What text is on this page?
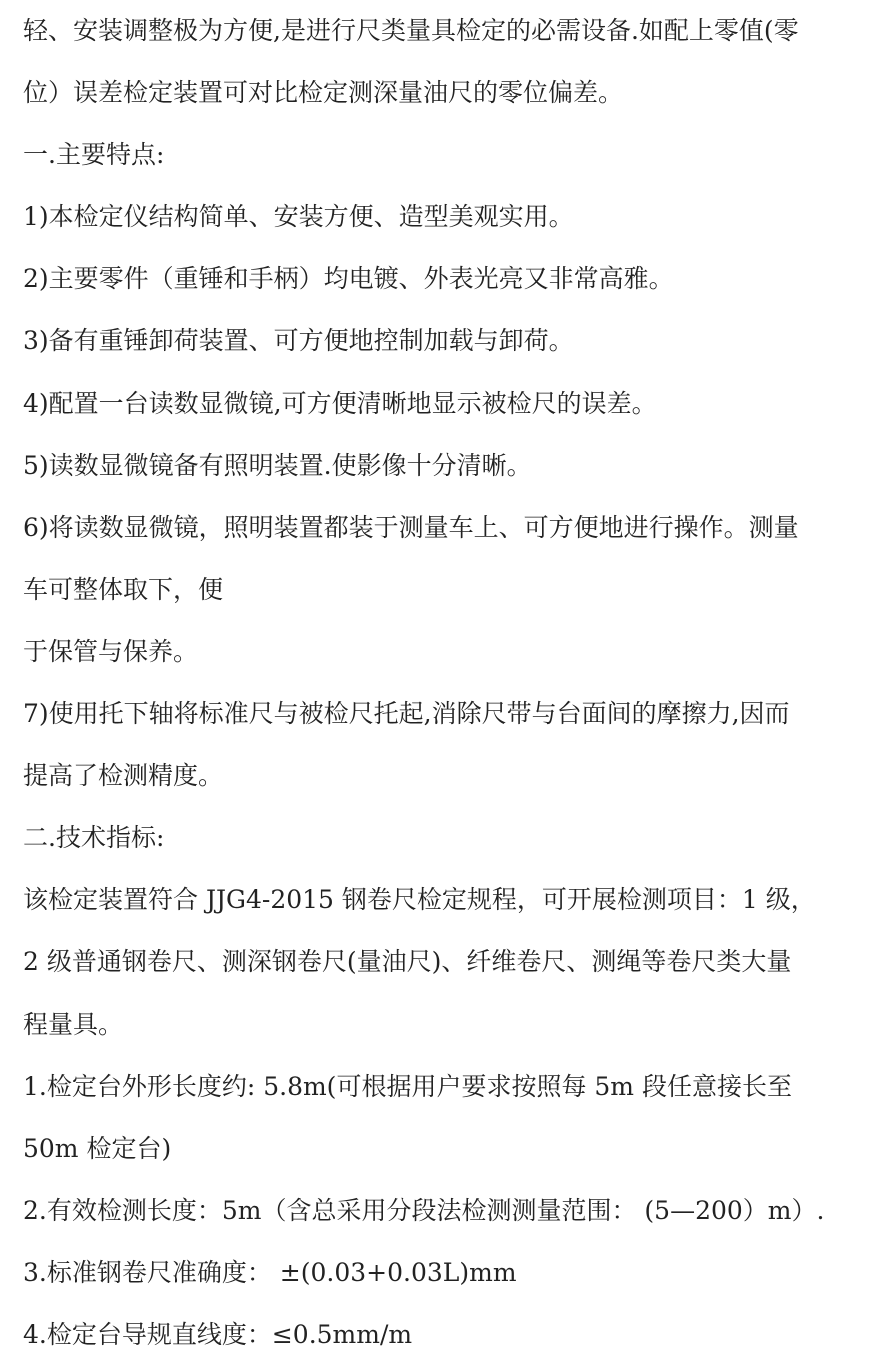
轻、安装调整极为方便,是进行尺类量具检定的必需设备.如配上零值(零
位）误差检定装置可对比检定测深量油尺的零位偏差。
一.主要特点:
1)本检定仪结构简单、安装方便、造型美观实用。
2)主要零件（重锤和手柄）均电镀、外表光亮又非常高雅。
3)备有重锤卸荷装置、可方便地控制加载与卸荷。
4)配置一台读数显微镜,可方便清晰地显示被检尺的误差。
5)读数显微镜备有照明装置.使影像十分清晰。
6)将读数显微镜，照明装置都装于测量车上、可方便地进行操作。测量
车可整体取下，便
于保管与保养。
7)使用托下轴将标准尺与被检尺托起,消除尺带与台面间的摩擦力,因而
提高了检测精度。
二.技术指标:
该检定装置符合 JJG4-2015 钢卷尺检定规程，可开展检测项目：1 级，
2 级普通钢卷尺、测深钢卷尺(量油尺)、纤维卷尺、测绳等卷尺类大量
程量具。
1.检定台外形长度约: 5.8m(可根据用户要求按照每 5m 段任意接长至
50m 检定台)
2.有效检测长度：5m（含总采用分段法检测测量范围： (5—200）m）.
3.标准钢卷尺准确度： ±(0.03+0.03L)mm
4.检定台导规直线度：≤0.5mm/m
